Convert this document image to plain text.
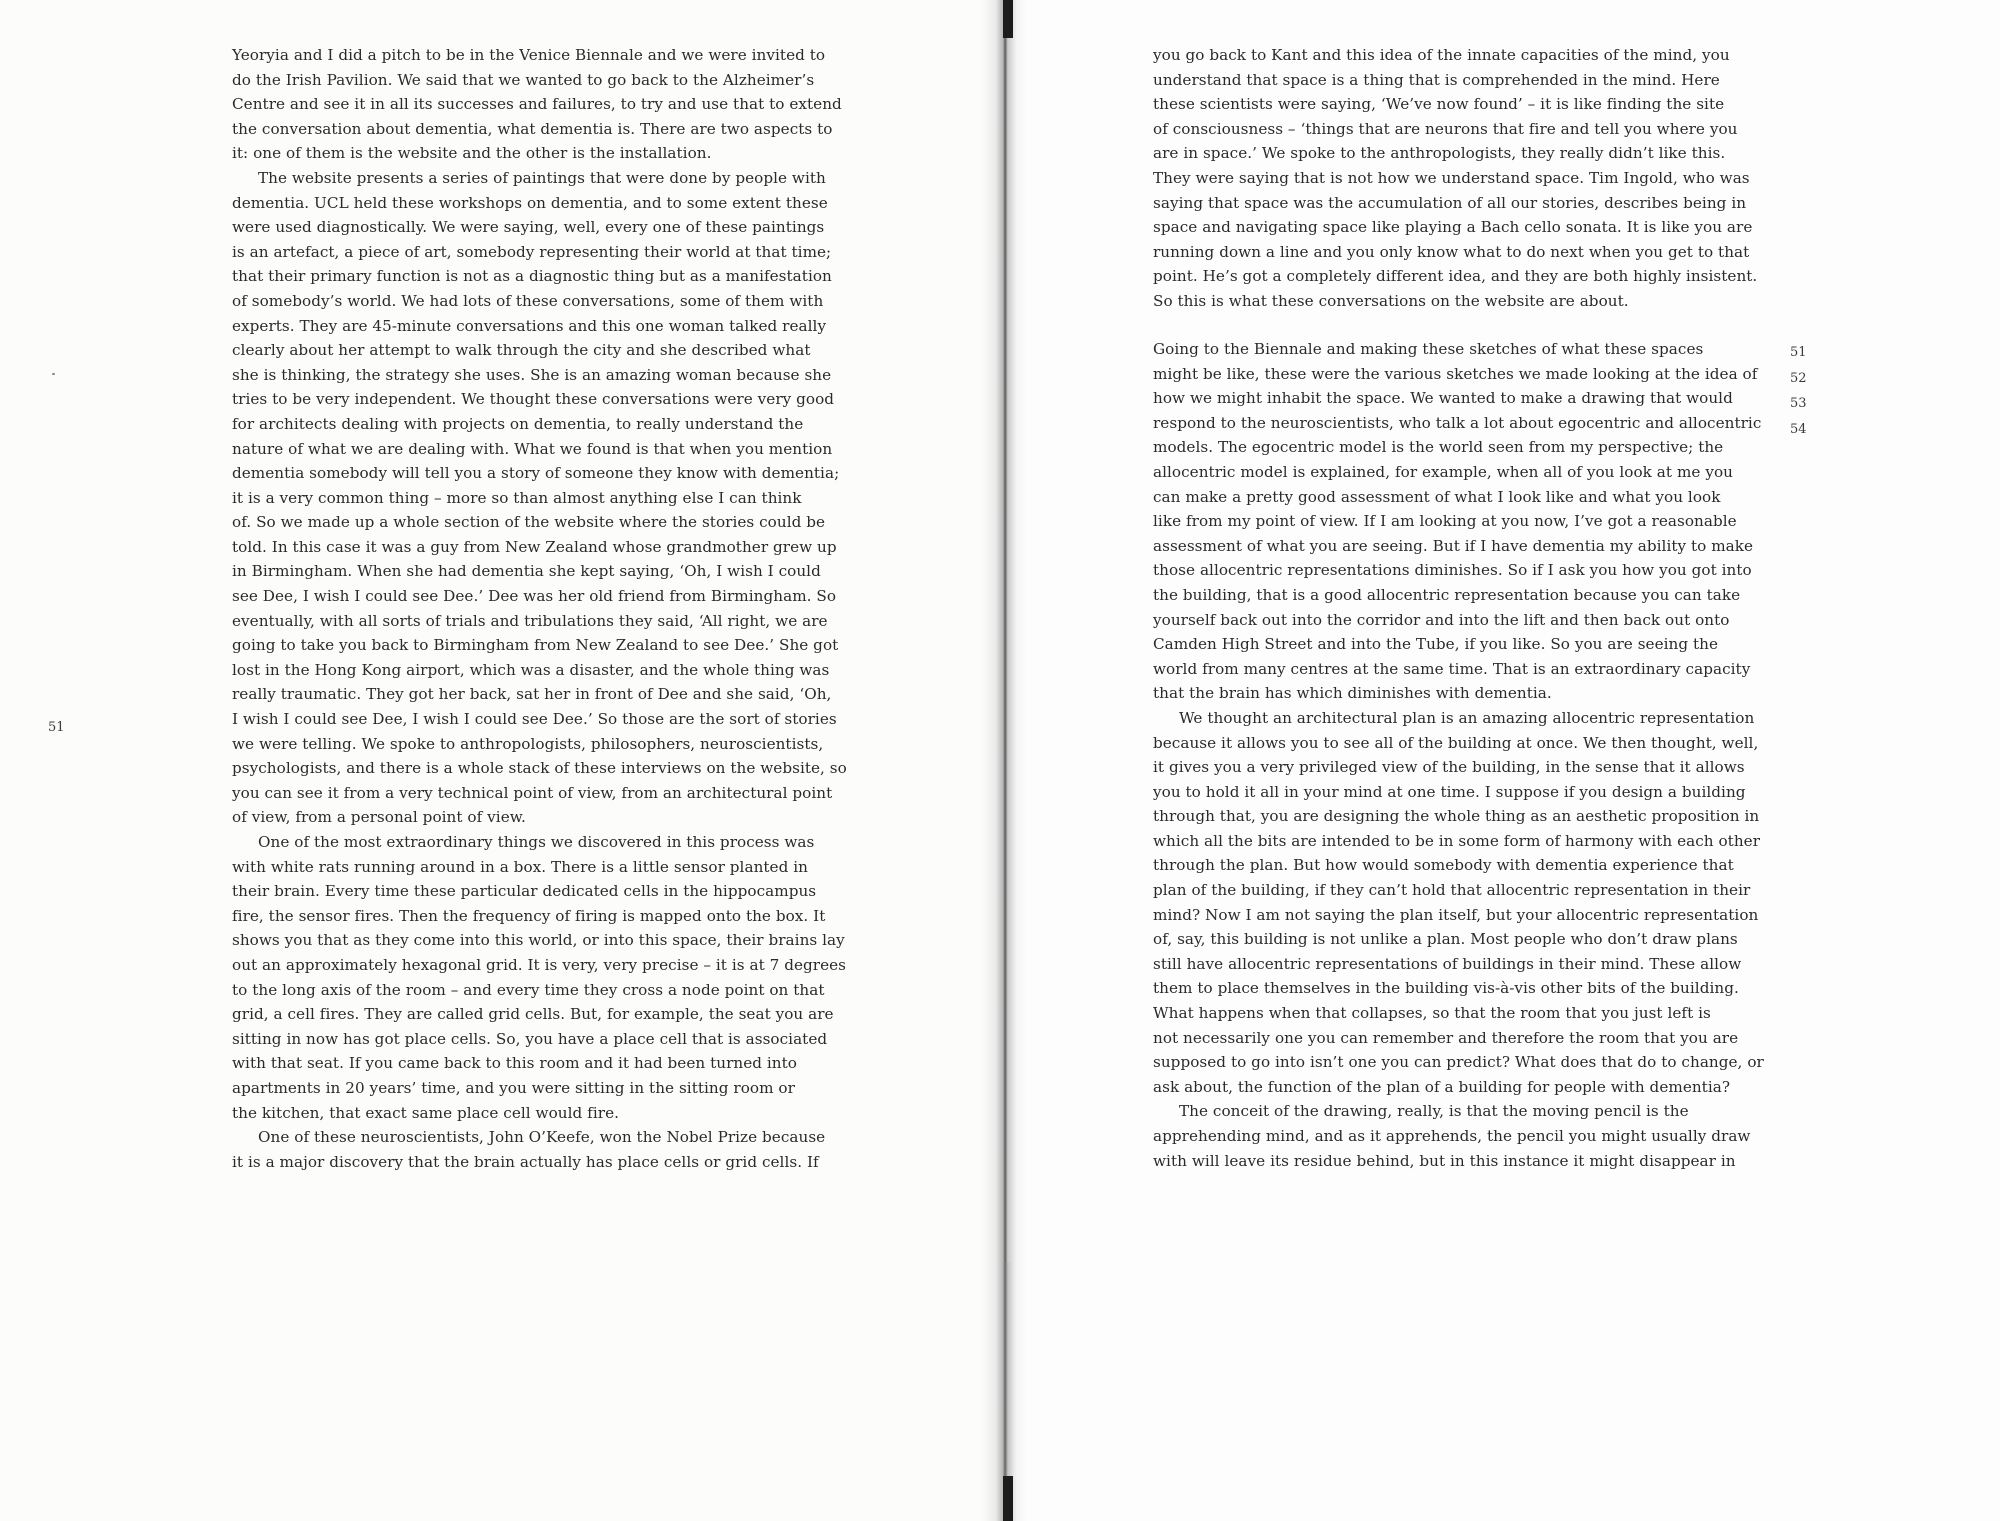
51
Yeoryia and I did a pitch to be in the Venice Biennale and we were invited to
do the Irish Pavilion. We said that we wanted to go back to the Alzheimer’s
Centre and see it in all its successes and failures, to try and use that to extend
the conversation about dementia, what dementia is. There are two aspects to
it: one of them is the website and the other is the installation.
The website presents a series of paintings that were done by people with
dementia. UCL held these workshops on dementia, and to some extent these
were used diagnostically. We were saying, well, every one of these paintings
is an artefact, a piece of art, somebody representing their world at that time;
that their primary function is not as a diagnostic thing but as a manifestation
of somebody’s world. We had lots of these conversations, some of them with
experts. They are 45-minute conversations and this one woman talked really
clearly about her attempt to walk through the city and she described what
she is thinking, the strategy she uses. She is an amazing woman because she
tries to be very independent. We thought these conversations were very good
for architects dealing with projects on dementia, to really understand the
nature of what we are dealing with. What we found is that when you mention
dementia somebody will tell you a story of someone they know with dementia;
it is a very common thing – more so than almost anything else I can think
of. So we made up a whole section of the website where the stories could be
told. In this case it was a guy from New Zealand whose grandmother grew up
in Birmingham. When she had dementia she kept saying, ‘Oh, I wish I could
see Dee, I wish I could see Dee.’ Dee was her old friend from Birmingham. So
eventually, with all sorts of trials and tribulations they said, ‘All right, we are
going to take you back to Birmingham from New Zealand to see Dee.’ She got
lost in the Hong Kong airport, which was a disaster, and the whole thing was
really traumatic. They got her back, sat her in front of Dee and she said, ‘Oh,
I wish I could see Dee, I wish I could see Dee.’ So those are the sort of stories
we were telling. We spoke to anthropologists, philosophers, neuroscientists,
psychologists, and there is a whole stack of these interviews on the website, so
you can see it from a very technical point of view, from an architectural point
of view, from a personal point of view.
One of the most extraordinary things we discovered in this process was
with white rats running around in a box. There is a little sensor planted in
their brain. Every time these particular dedicated cells in the hippocampus
fire, the sensor fires. Then the frequency of firing is mapped onto the box. It
shows you that as they come into this world, or into this space, their brains lay
out an approximately hexagonal grid. It is very, very precise – it is at 7 degrees
to the long axis of the room – and every time they cross a node point on that
grid, a cell fires. They are called grid cells. But, for example, the seat you are
sitting in now has got place cells. So, you have a place cell that is associated
with that seat. If you came back to this room and it had been turned into
apartments in 20 years’ time, and you were sitting in the sitting room or
the kitchen, that exact same place cell would fire.
One of these neuroscientists, John O’Keefe, won the Nobel Prize because
it is a major discovery that the brain actually has place cells or grid cells. If
you go back to Kant and this idea of the innate capacities of the mind, you
understand that space is a thing that is comprehended in the mind. Here
these scientists were saying, ‘We’ve now found’ – it is like finding the site
of consciousness – ‘things that are neurons that fire and tell you where you
are in space.’ We spoke to the anthropologists, they really didn’t like this.
They were saying that is not how we understand space. Tim Ingold, who was
saying that space was the accumulation of all our stories, describes being in
space and navigating space like playing a Bach cello sonata. It is like you are
running down a line and you only know what to do next when you get to that
point. He’s got a completely different idea, and they are both highly insistent.
So this is what these conversations on the website are about.
51
52
53
54
Going to the Biennale and making these sketches of what these spaces
might be like, these were the various sketches we made looking at the idea of
how we might inhabit the space. We wanted to make a drawing that would
respond to the neuroscientists, who talk a lot about egocentric and allocentric
models. The egocentric model is the world seen from my perspective; the
allocentric model is explained, for example, when all of you look at me you
can make a pretty good assessment of what I look like and what you look
like from my point of view. If I am looking at you now, I’ve got a reasonable
assessment of what you are seeing. But if I have dementia my ability to make
those allocentric representations diminishes. So if I ask you how you got into
the building, that is a good allocentric representation because you can take
yourself back out into the corridor and into the lift and then back out onto
Camden High Street and into the Tube, if you like. So you are seeing the
world from many centres at the same time. That is an extraordinary capacity
that the brain has which diminishes with dementia.
We thought an architectural plan is an amazing allocentric representation
because it allows you to see all of the building at once. We then thought, well,
it gives you a very privileged view of the building, in the sense that it allows
you to hold it all in your mind at one time. I suppose if you design a building
through that, you are designing the whole thing as an aesthetic proposition in
which all the bits are intended to be in some form of harmony with each other
through the plan. But how would somebody with dementia experience that
plan of the building, if they can’t hold that allocentric representation in their
mind? Now I am not saying the plan itself, but your allocentric representation
of, say, this building is not unlike a plan. Most people who don’t draw plans
still have allocentric representations of buildings in their mind. These allow
them to place themselves in the building vis-à-vis other bits of the building.
What happens when that collapses, so that the room that you just left is
not necessarily one you can remember and therefore the room that you are
supposed to go into isn’t one you can predict? What does that do to change, or
ask about, the function of the plan of a building for people with dementia?
The conceit of the drawing, really, is that the moving pencil is the
apprehending mind, and as it apprehends, the pencil you might usually draw
with will leave its residue behind, but in this instance it might disappear in
